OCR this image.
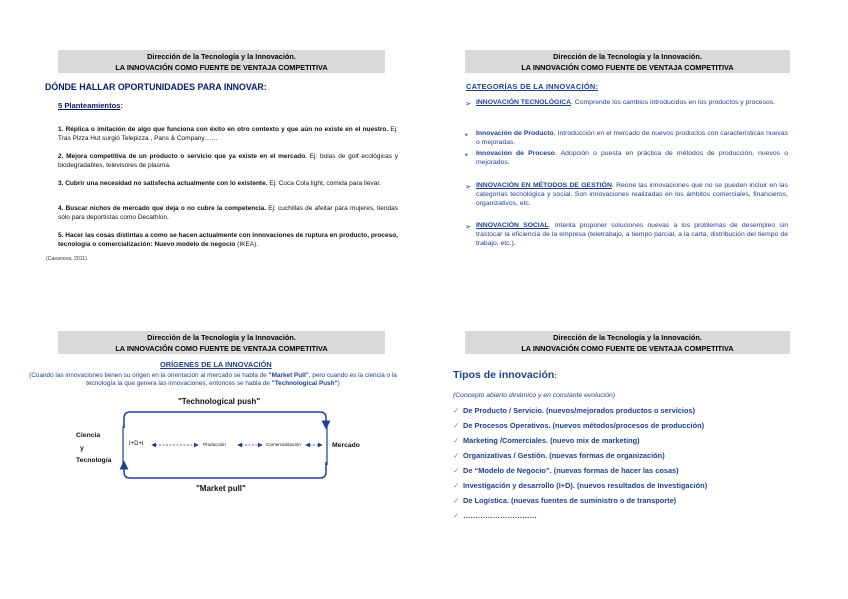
Dirección de la Tecnología y la Innovación.
LA INNOVACIÓN COMO FUENTE DE VENTAJA COMPETITIVA
DÓNDE HALLAR OPORTUNIDADES PARA INNOVAR:
5 Planteamientos:

1. Réplica o imitación de algo que funciona con éxito en otro contexto y que aún no existe en el nuestro. Ej: Tras Pizza Hut surgió Telepizza , Pans & Company……

2. Mejora competitiva de un producto o servicio que ya existe en el mercado. Ej: bolas de golf ecológicas y biodegradables, televisores de plasma.

3. Cubrir una necesidad no satisfecha actualmente con lo existente. Ej: Coca Cola light, comida para llevar.

4. Buscar nichos de mercado que deja o no cubre la competencia. Ej: cuchillas de afeitar para mujeres, tiendas sólo para deportistas como Decathlon.

5. Hacer las cosas distintas a como se hacen actualmente con innovaciones de ruptura en producto, proceso, tecnología o comercialización: Nuevo modelo de negocio (IKEA).

(Casanova, 2011)
Dirección de la Tecnología y la Innovación.
LA INNOVACIÓN COMO FUENTE DE VENTAJA COMPETITIVA
CATEGORÍAS DE LA INNOVACIÓN:
➢ INNOVACIÓN TECNOLÓGICA. Comprende los cambios introducidos en los productos y procesos.

▪ Innovación de Producto. Introducción en el mercado de nuevos productos con características nuevas o mejoradas.

▪ Innovación de Proceso. Adopción o puesta en práctica de métodos de producción, nuevos o mejorados.

➢ INNOVACIÓN EN MÉTODOS DE GESTIÓN. Reúne las innovaciones que no se pueden incluir en las categorías tecnológica y social. Son innovaciones realizadas en los ámbitos comerciales, financieros, organizativos, etc.

➢ INNOVACIÓN SOCIAL. Intenta proponer soluciones nuevas a los problemas de desempleo sin trastocar la eficiencia de la empresa (teletrabajo, a tiempo parcial, a la carta, distribución del tiempo de trabajo, etc.).

Dirección de la Tecnología y la Innovación.
LA INNOVACIÓN COMO FUENTE DE VENTAJA COMPETITIVA
ORÍGENES DE LA INNOVACIÓN
(Cuando las innovaciones tienen su origen en la orientación al mercado se habla de "Market Pull", pero cuando es la ciencia o la tecnología la que genera las innovaciones, entonces se habla de "Technological Push")
"Technological push"
"Market pull"
Ciencia
y
Tecnología
I+D+i	Producción	Comercialización	Mercado
Dirección de la Tecnología y la Innovación.
LA INNOVACIÓN COMO FUENTE DE VENTAJA COMPETITIVA
Tipos de innovación:
(Concepto abierto dinámico y en constante evolución)
✓ De Producto / Servicio. (nuevos/mejorados productos o servicios)
✓ De Procesos Operativos. (nuevos métodos/procesos de producción)
✓ Marketing /Comerciales. (nuevo mix de marketing)
✓ Organizativas / Gestión. (nuevas formas de organización)
✓ De “Modelo de Negocio”. (nuevas formas de hacer las cosas)
✓ Investigación y desarrollo (I+D). (nuevos resultados de Investigación)
✓ De Logística. (nuevas fuentes de suministro o de transporte)
✓ …………………………
